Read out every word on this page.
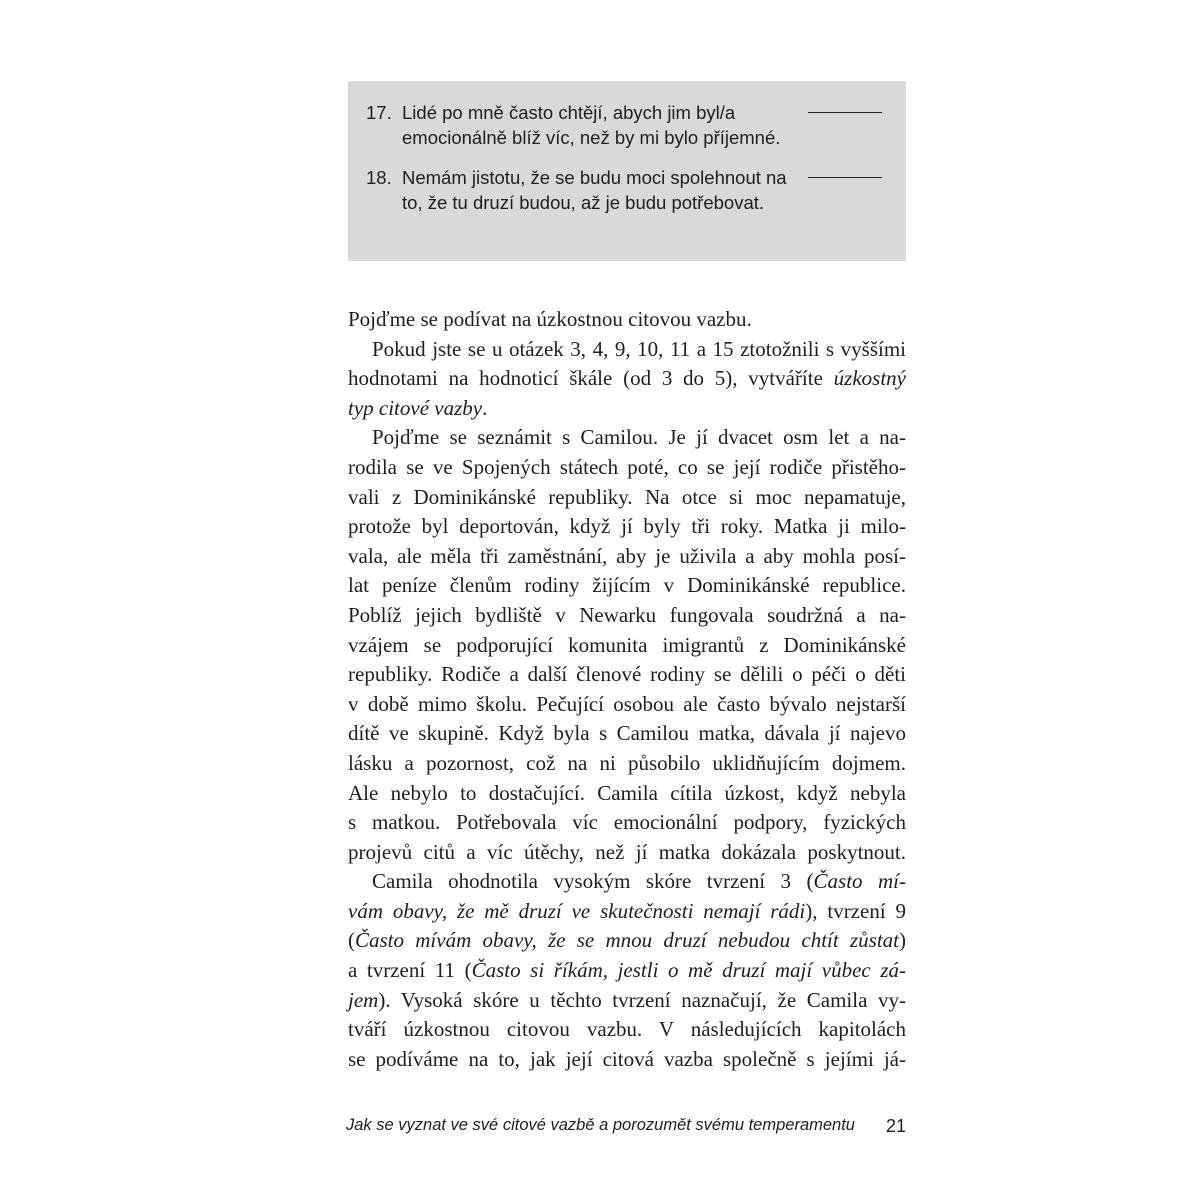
17. Lidé po mně často chtějí, abych jim byl/a emocionálně blíž víc, než by mi bylo příjemné.
18. Nemám jistotu, že se budu moci spolehnout na to, že tu druzí budou, až je budu potřebovat.
Pojďme se podívat na úzkostnou citovou vazbu.
Pokud jste se u otázek 3, 4, 9, 10, 11 a 15 ztotožnili s vyššími
hodnotami na hodnoticí škále (od 3 do 5), vytváříte úzkostný
typ citové vazby.
Pojďme se seznámit s Camilou. Je jí dvacet osm let a na-
rodila se ve Spojených státech poté, co se její rodiče přistěho-
vali z Dominikánské republiky. Na otce si moc nepamatuje,
protože byl deportován, když jí byly tři roky. Matka ji milo-
vala, ale měla tři zaměstnání, aby je uživila a aby mohla posí-
lat peníze členům rodiny žijícím v Dominikánské republice.
Poblíž jejich bydliště v Newarku fungovala soudržná a na-
vzájem se podporující komunita imigrantů z Dominikánské
republiky. Rodiče a další členové rodiny se dělili o péči o děti
v době mimo školu. Pečující osobou ale často bývalo nejstarší
dítě ve skupině. Když byla s Camilou matka, dávala jí najevo
lásku a pozornost, což na ni působilo uklidňujícím dojmem.
Ale nebylo to dostačující. Camila cítila úzkost, když nebyla
s matkou. Potřebovala víc emocionální podpory, fyzických
projevů citů a víc útěchy, než jí matka dokázala poskytnout.
Camila ohodnotila vysokým skóre tvrzení 3 (Často mí-
vám obavy, že mě druzí ve skutečnosti nemají rádi), tvrzení 9
(Často mívám obavy, že se mnou druzí nebudou chtít zůstat)
a tvrzení 11 (Často si říkám, jestli o mě druzí mají vůbec zá-
jem). Vysoká skóre u těchto tvrzení naznačují, že Camila vy-
tváří úzkostnou citovou vazbu. V následujících kapitolách
se podíváme na to, jak její citová vazba společně s jejími já-
Jak se vyznat ve své citové vazbě a porozumět svému temperamentu 21
